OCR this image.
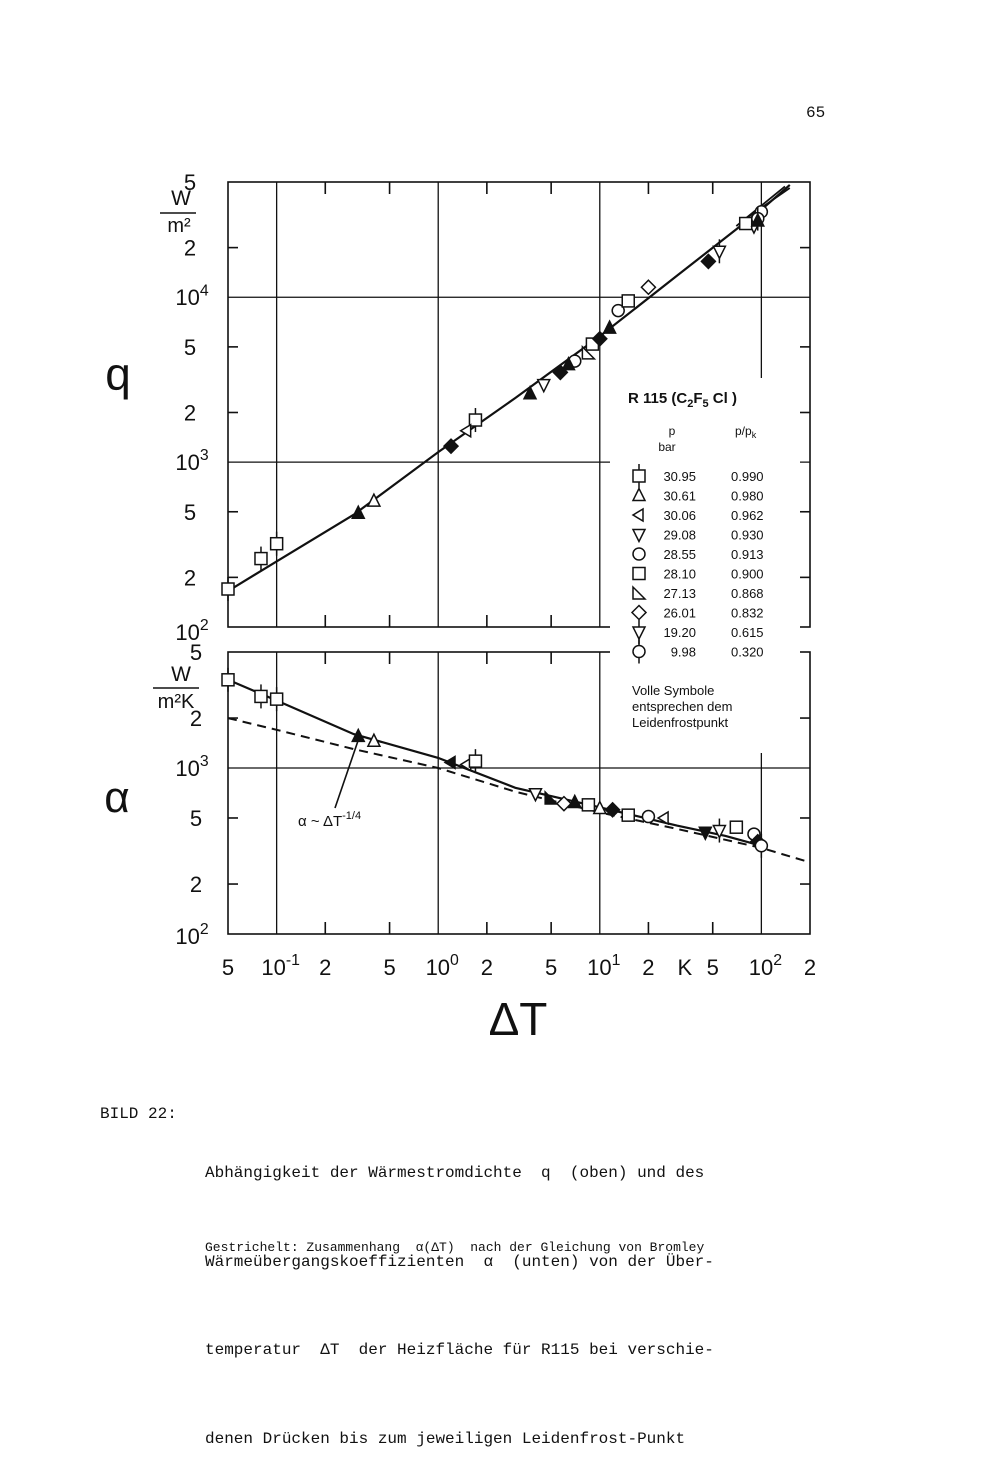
65
2
5
$10^3$
2
5
$10^4$
2
5
$10^2$
2
5
$10^3$
2
5
$10^2$
W
m²
W
m²K
q
α
5 $10^{-1}$ 2 5 $10^0$ 2 5 $10^1$ 2 K 5 $10^2$ 2
ΔT
α ~ $\Delta T^{-1/4}$
R 115 ($C_2F_5$ Cl )
p
bar
$p/p_k$
30.95	0.990
30.61	0.980
30.06	0.962
29.08	0.930
28.55	0.913
28.10	0.900
27.13	0.868
26.01	0.832
19.20	0.615
9.98	0.320
Volle Symbole
entsprechen dem
Leidenfrostpunkt
BILD 22:

Abhängigkeit der Wärmestromdichte  q  (oben) und des

Wärmeübergangskoeffizienten  α  (unten) von der Über-

temperatur  ΔT  der Heizfläche für R115 bei verschie-

denen Drücken bis zum jeweiligen Leidenfrost-Punkt

Gestrichelt: Zusammenhang  α(ΔT)  nach der Gleichung von Bromley
